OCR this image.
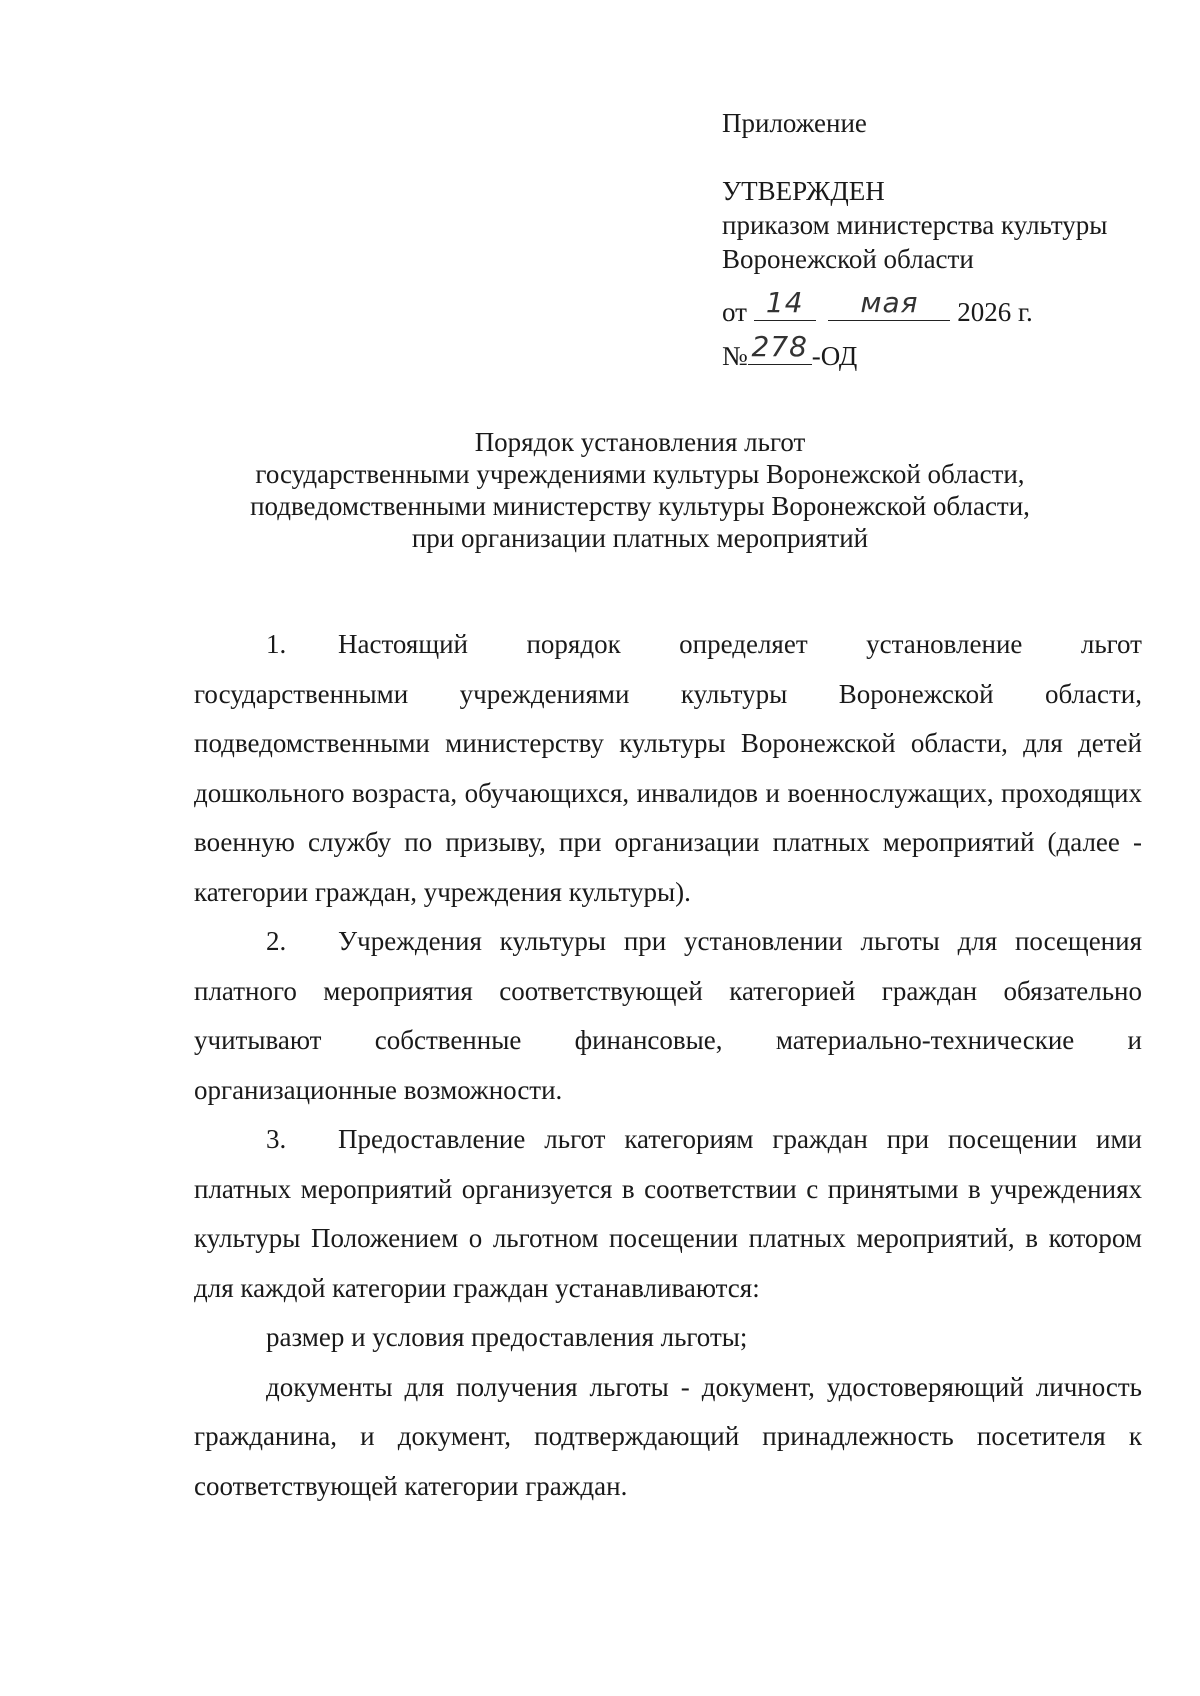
Приложение
УТВЕРЖДЕН
приказом министерства культуры
Воронежской области
от 14
	мая	2026 г.
№ 278 -ОД
Порядок установления льгот
государственными учреждениями культуры Воронежской области,
подведомственными министерству культуры Воронежской области,
при организации платных мероприятий

1. Настоящий порядок определяет установление льгот государственными учреждениями культуры Воронежской области, подведомственными министерству культуры Воронежской области, для детей дошкольного возраста, обучающихся, инвалидов и военнослужащих, проходящих военную службу по призыву, при организации платных мероприятий (далее - категории граждан, учреждения культуры).

2. Учреждения культуры при установлении льготы для посещения платного мероприятия соответствующей категорией граждан обязательно учитывают собственные финансовые, материально-технические и организационные возможности.

3. Предоставление льгот категориям граждан при посещении ими платных мероприятий организуется в соответствии с принятыми в учреждениях культуры Положением о льготном посещении платных мероприятий, в котором для каждой категории граждан устанавливаются:

размер и условия предоставления льготы;

документы для получения льготы - документ, удостоверяющий личность гражданина, и документ, подтверждающий принадлежность посетителя к соответствующей категории граждан.
